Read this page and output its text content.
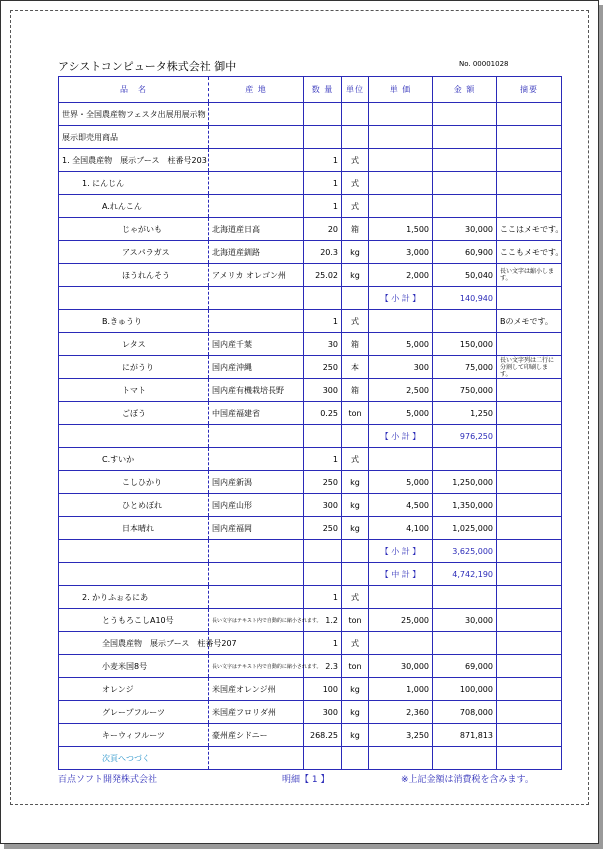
アシストコンピュータ株式会社 御中	No. 00001028
品　名	産 地	数 量	単位	単 価	金 額	摘要
世界・全国農産物フェスタ出展用展示物						
展示即売用商品						
1. 全国農産物　展示ブース　柱番号203		1	式			
1. にんじん		1	式			
A.れんこん		1	式			
じゃがいも	北海道産日高	20	箱	1,500	30,000	ここはメモです。
アスパラガス	北海道産釧路	20.3	kg	3,000	60,900	ここもメモです。
ほうれんそう	アメリカ オレゴン州	25.02	kg	2,000	50,040	長い文字は縮小します。
				【 小 計 】	140,940	
B.きゅうり		1	式			Bのメモです。
レタス	国内産千葉	30	箱	5,000	150,000	
にがうり	国内産沖縄	250	本	300	75,000	長い文字列は二行に分割して印刷します。
トマト	国内産有機栽培長野	300	箱	2,500	750,000	
ごぼう	中国産福建省	0.25	ton	5,000	1,250	
				【 小 計 】	976,250	
C.すいか		1	式			
こしひかり	国内産新潟	250	kg	5,000	1,250,000	
ひとめぼれ	国内産山形	300	kg	4,500	1,350,000	
日本晴れ	国内産福岡	250	kg	4,100	1,025,000	
				【 小 計 】	3,625,000	
				【 中 計 】	4,742,190	
2. かりふぉるにあ		1	式			
とうもろこしA10号	長い文字はテキスト内で自動的に縮小されます。	1.2	ton	25,000	30,000	
全国農産物　展示ブース　柱番号207		1	式			
小麦米国8号	長い文字はテキスト内で自動的に縮小されます。	2.3	ton	30,000	69,000	
オレンジ	米国産オレンジ州	100	kg	1,000	100,000	
グレープフルーツ	米国産フロリダ州	300	kg	2,360	708,000	
キーウィフルーツ	豪州産シドニー	268.25	kg	3,250	871,813	
次頁へつづく						
百点ソフト開発株式会社	明細【 1 】	※上記金額は消費税を含みます。
